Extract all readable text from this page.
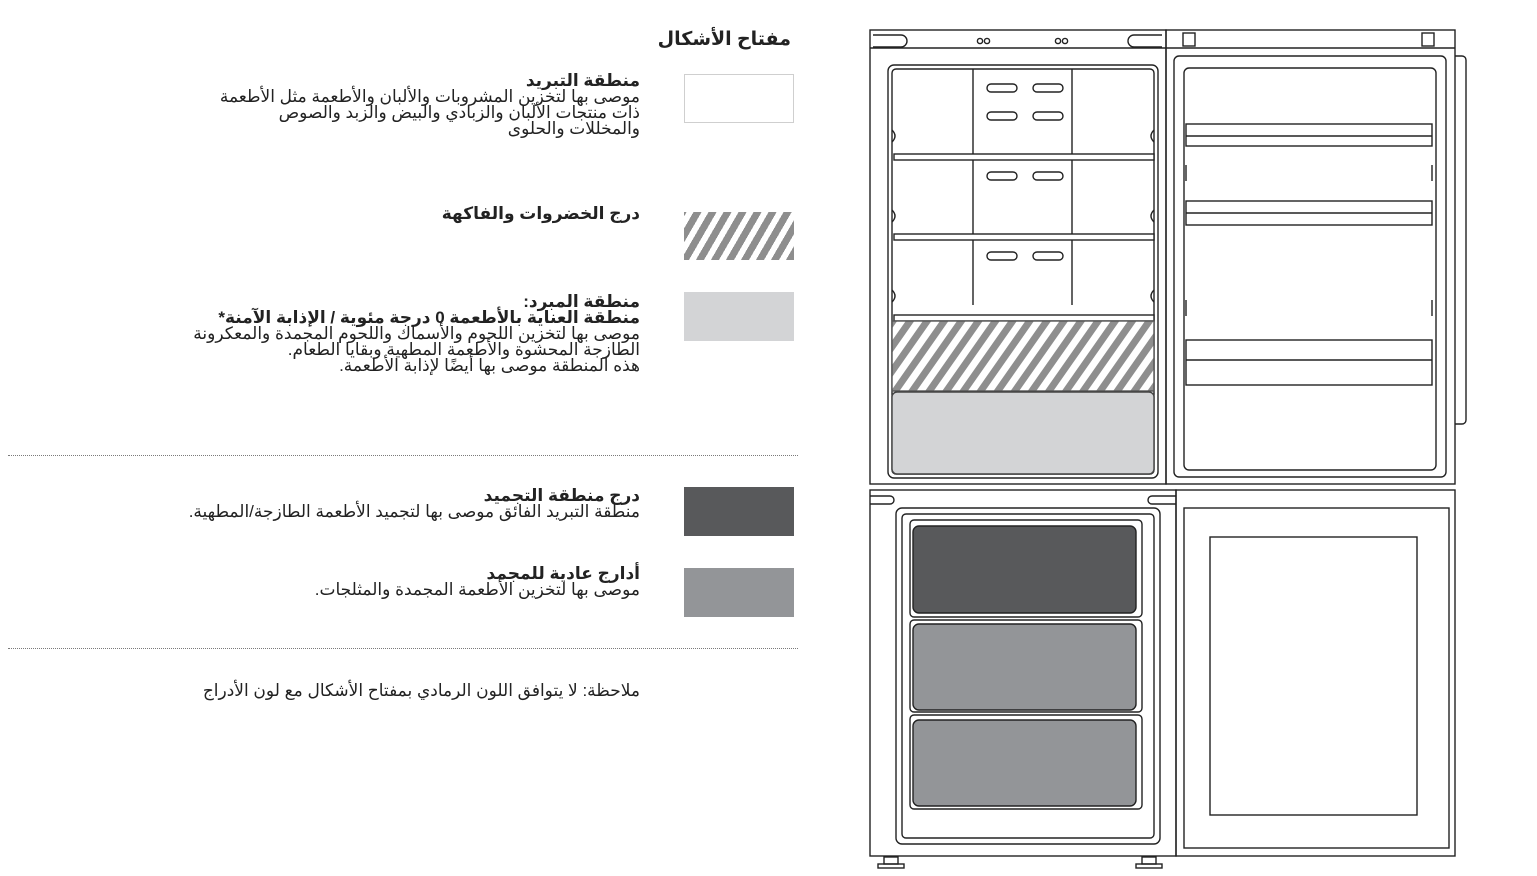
مفتاح الأشكال
منطقة التبريد
موصى بها لتخزين المشروبات والألبان والأطعمة مثل الأطعمة
ذات منتجات الألبان والزبادي والبيض والزبد والصوص
والمخللات والحلوى
درج الخضروات والفاكهة
منطقة المبرد:
منطقة العناية بالأطعمة 0 درجة مئوية / الإذابة الآمنة*
موصى بها لتخزين اللحوم والأسماك واللحوم المجمدة والمعكرونة
الطازجة المحشوة والأطعمة المطهية وبقايا الطعام.
هذه المنطقة موصى بها أيضًا لإذابة الأطعمة.
درج منطقة التجميد
منطقة التبريد الفائق موصى بها لتجميد الأطعمة الطازجة/المطهية.
أدارج عادية للمجمد
موصى بها لتخزين الأطعمة المجمدة والمثلجات.
ملاحظة: لا يتوافق اللون الرمادي بمفتاح الأشكال مع لون الأدراج
